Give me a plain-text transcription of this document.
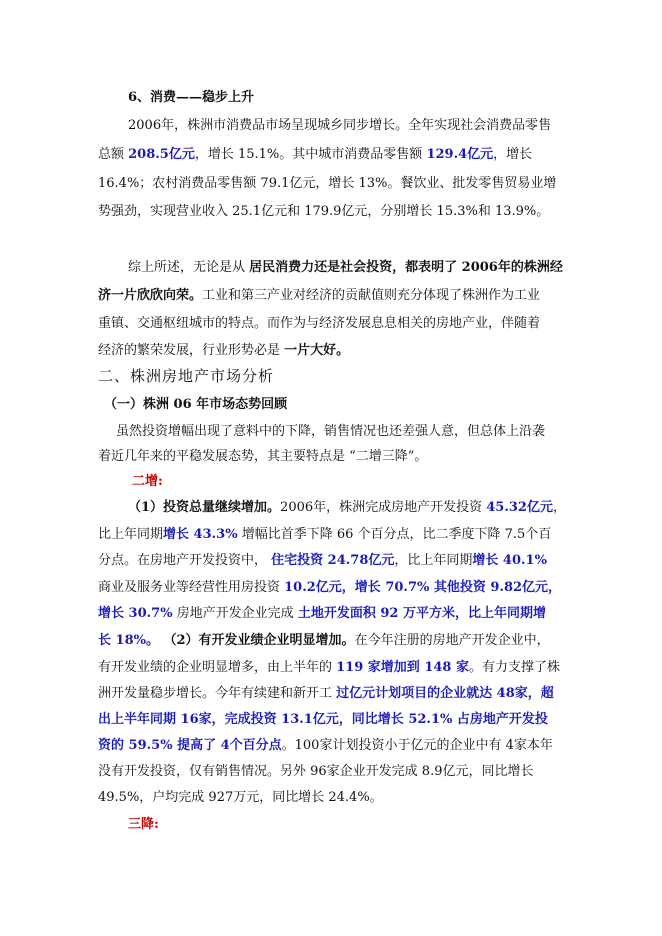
6、消费——稳步上升
2006年，株洲市消费品市场呈现城乡同步增长。全年实现社会消费品零售
总额 208.5亿元，增长 15.1%。其中城市消费品零售额 129.4亿元，增长
16.4%；农村消费品零售额 79.1亿元，增长 13%。餐饮业、批发零售贸易业增
势强劲，实现营业收入 25.1亿元和 179.9亿元，分别增长 15.3%和 13.9%。
综上所述，无论是从 居民消费力还是社会投资，都表明了 2006年的株洲经
济一片欣欣向荣。工业和第三产业对经济的贡献值则充分体现了株洲作为工业
重镇、交通枢纽城市的特点。而作为与经济发展息息相关的房地产业，伴随着
经济的繁荣发展，行业形势必是 一片大好。
二、株洲房地产市场分析
（一）株洲 06 年市场态势回顾
虽然投资增幅出现了意料中的下降，销售情况也还差强人意，但总体上沿袭
着近几年来的平稳发展态势，其主要特点是 “二增三降”。
二增:
（1）投资总量继续增加。2006年，株洲完成房地产开发投资 45.32亿元，
比上年同期增长 43.3% 增幅比首季下降 66 个百分点，比二季度下降 7.5个百
分点。在房地产开发投资中， 住宅投资 24.78亿元，比上年同期增长 40.1%
商业及服务业等经营性用房投资 10.2亿元，增长 70.7% 其他投资 9.82亿元，
增长 30.7% 房地产开发企业完成 土地开发面积 92 万平方米，比上年同期增
长 18%。 （2）有开发业绩企业明显增加。在今年注册的房地产开发企业中，
有开发业绩的企业明显增多，由上半年的 119 家增加到 148 家。有力支撑了株
洲开发量稳步增长。今年有续建和新开工 过亿元计划项目的企业就达 48家，超
出上半年同期 16家，完成投资 13.1亿元，同比增长 52.1% 占房地产开发投
资的 59.5% 提高了 4个百分点。100家计划投资小于亿元的企业中有 4家本年
没有开发投资，仅有销售情况。另外 96家企业开发完成 8.9亿元，同比增长
49.5%，户均完成 927万元，同比增长 24.4%。
三降:
